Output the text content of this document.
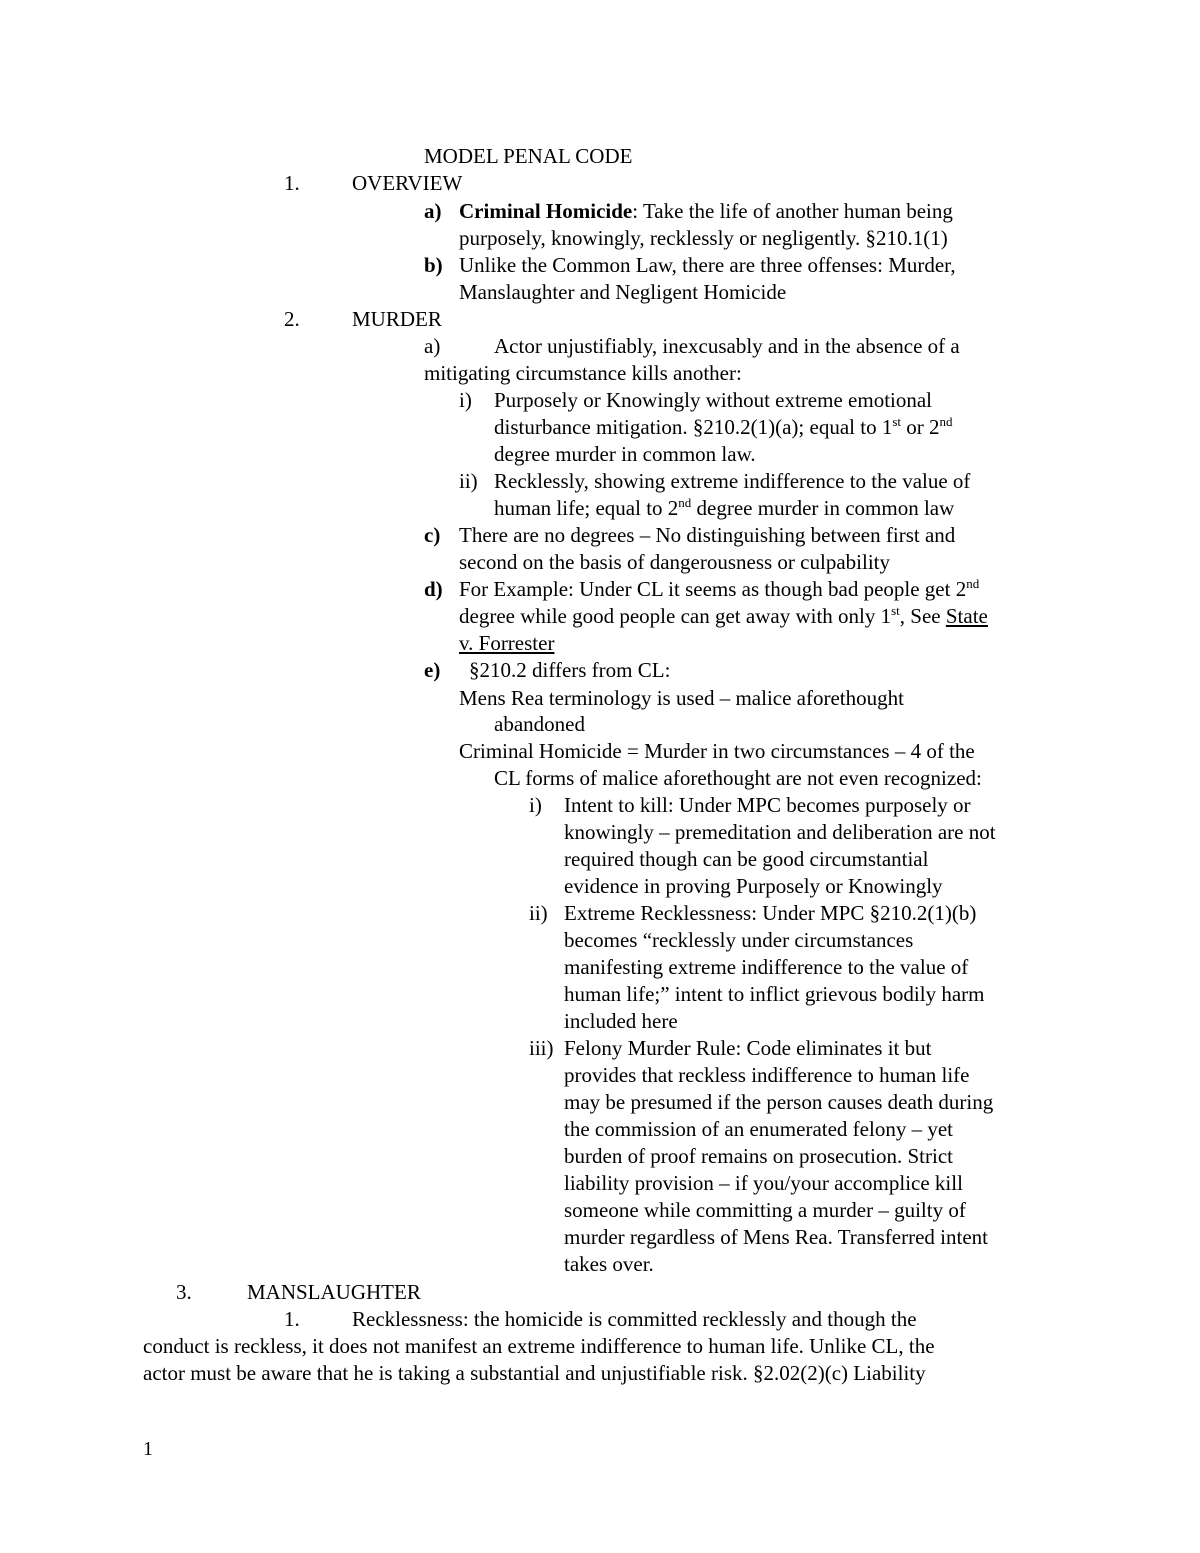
MODEL PENAL CODE
1. OVERVIEW
a) Criminal Homicide: Take the life of another human being
purposely, knowingly, recklessly or negligently. §210.1(1)
b) Unlike the Common Law, there are three offenses: Murder,
Manslaughter and Negligent Homicide
2. MURDER
a)	Actor unjustifiably, inexcusably and in the absence of a
mitigating circumstance kills another:
i) Purposely or Knowingly without extreme emotional
disturbance mitigation. §210.2(1)(a); equal to 1st or 2nd
degree murder in common law.
ii) Recklessly, showing extreme indifference to the value of
human life; equal to 2nd degree murder in common law
c) There are no degrees – No distinguishing between first and
second on the basis of dangerousness or culpability
d) For Example: Under CL it seems as though bad people get 2nd
degree while good people can get away with only 1st, See State
v. Forrester
e) §210.2 differs from CL:
Mens Rea terminology is used – malice aforethought
abandoned
Criminal Homicide = Murder in two circumstances – 4 of the
CL forms of malice aforethought are not even recognized:
i) Intent to kill: Under MPC becomes purposely or
knowingly – premeditation and deliberation are not
required though can be good circumstantial
evidence in proving Purposely or Knowingly
ii) Extreme Recklessness: Under MPC §210.2(1)(b)
becomes “recklessly under circumstances
manifesting extreme indifference to the value of
human life;” intent to inflict grievous bodily harm
included here
iii) Felony Murder Rule: Code eliminates it but
provides that reckless indifference to human life
may be presumed if the person causes death during
the commission of an enumerated felony – yet
burden of proof remains on prosecution. Strict
liability provision – if you/your accomplice kill
someone while committing a murder – guilty of
murder regardless of Mens Rea. Transferred intent
takes over.
3.	MANSLAUGHTER
1. Recklessness: the homicide is committed recklessly and though the
conduct is reckless, it does not manifest an extreme indifference to human life. Unlike CL, the
actor must be aware that he is taking a substantial and unjustifiable risk. §2.02(2)(c) Liability
1
